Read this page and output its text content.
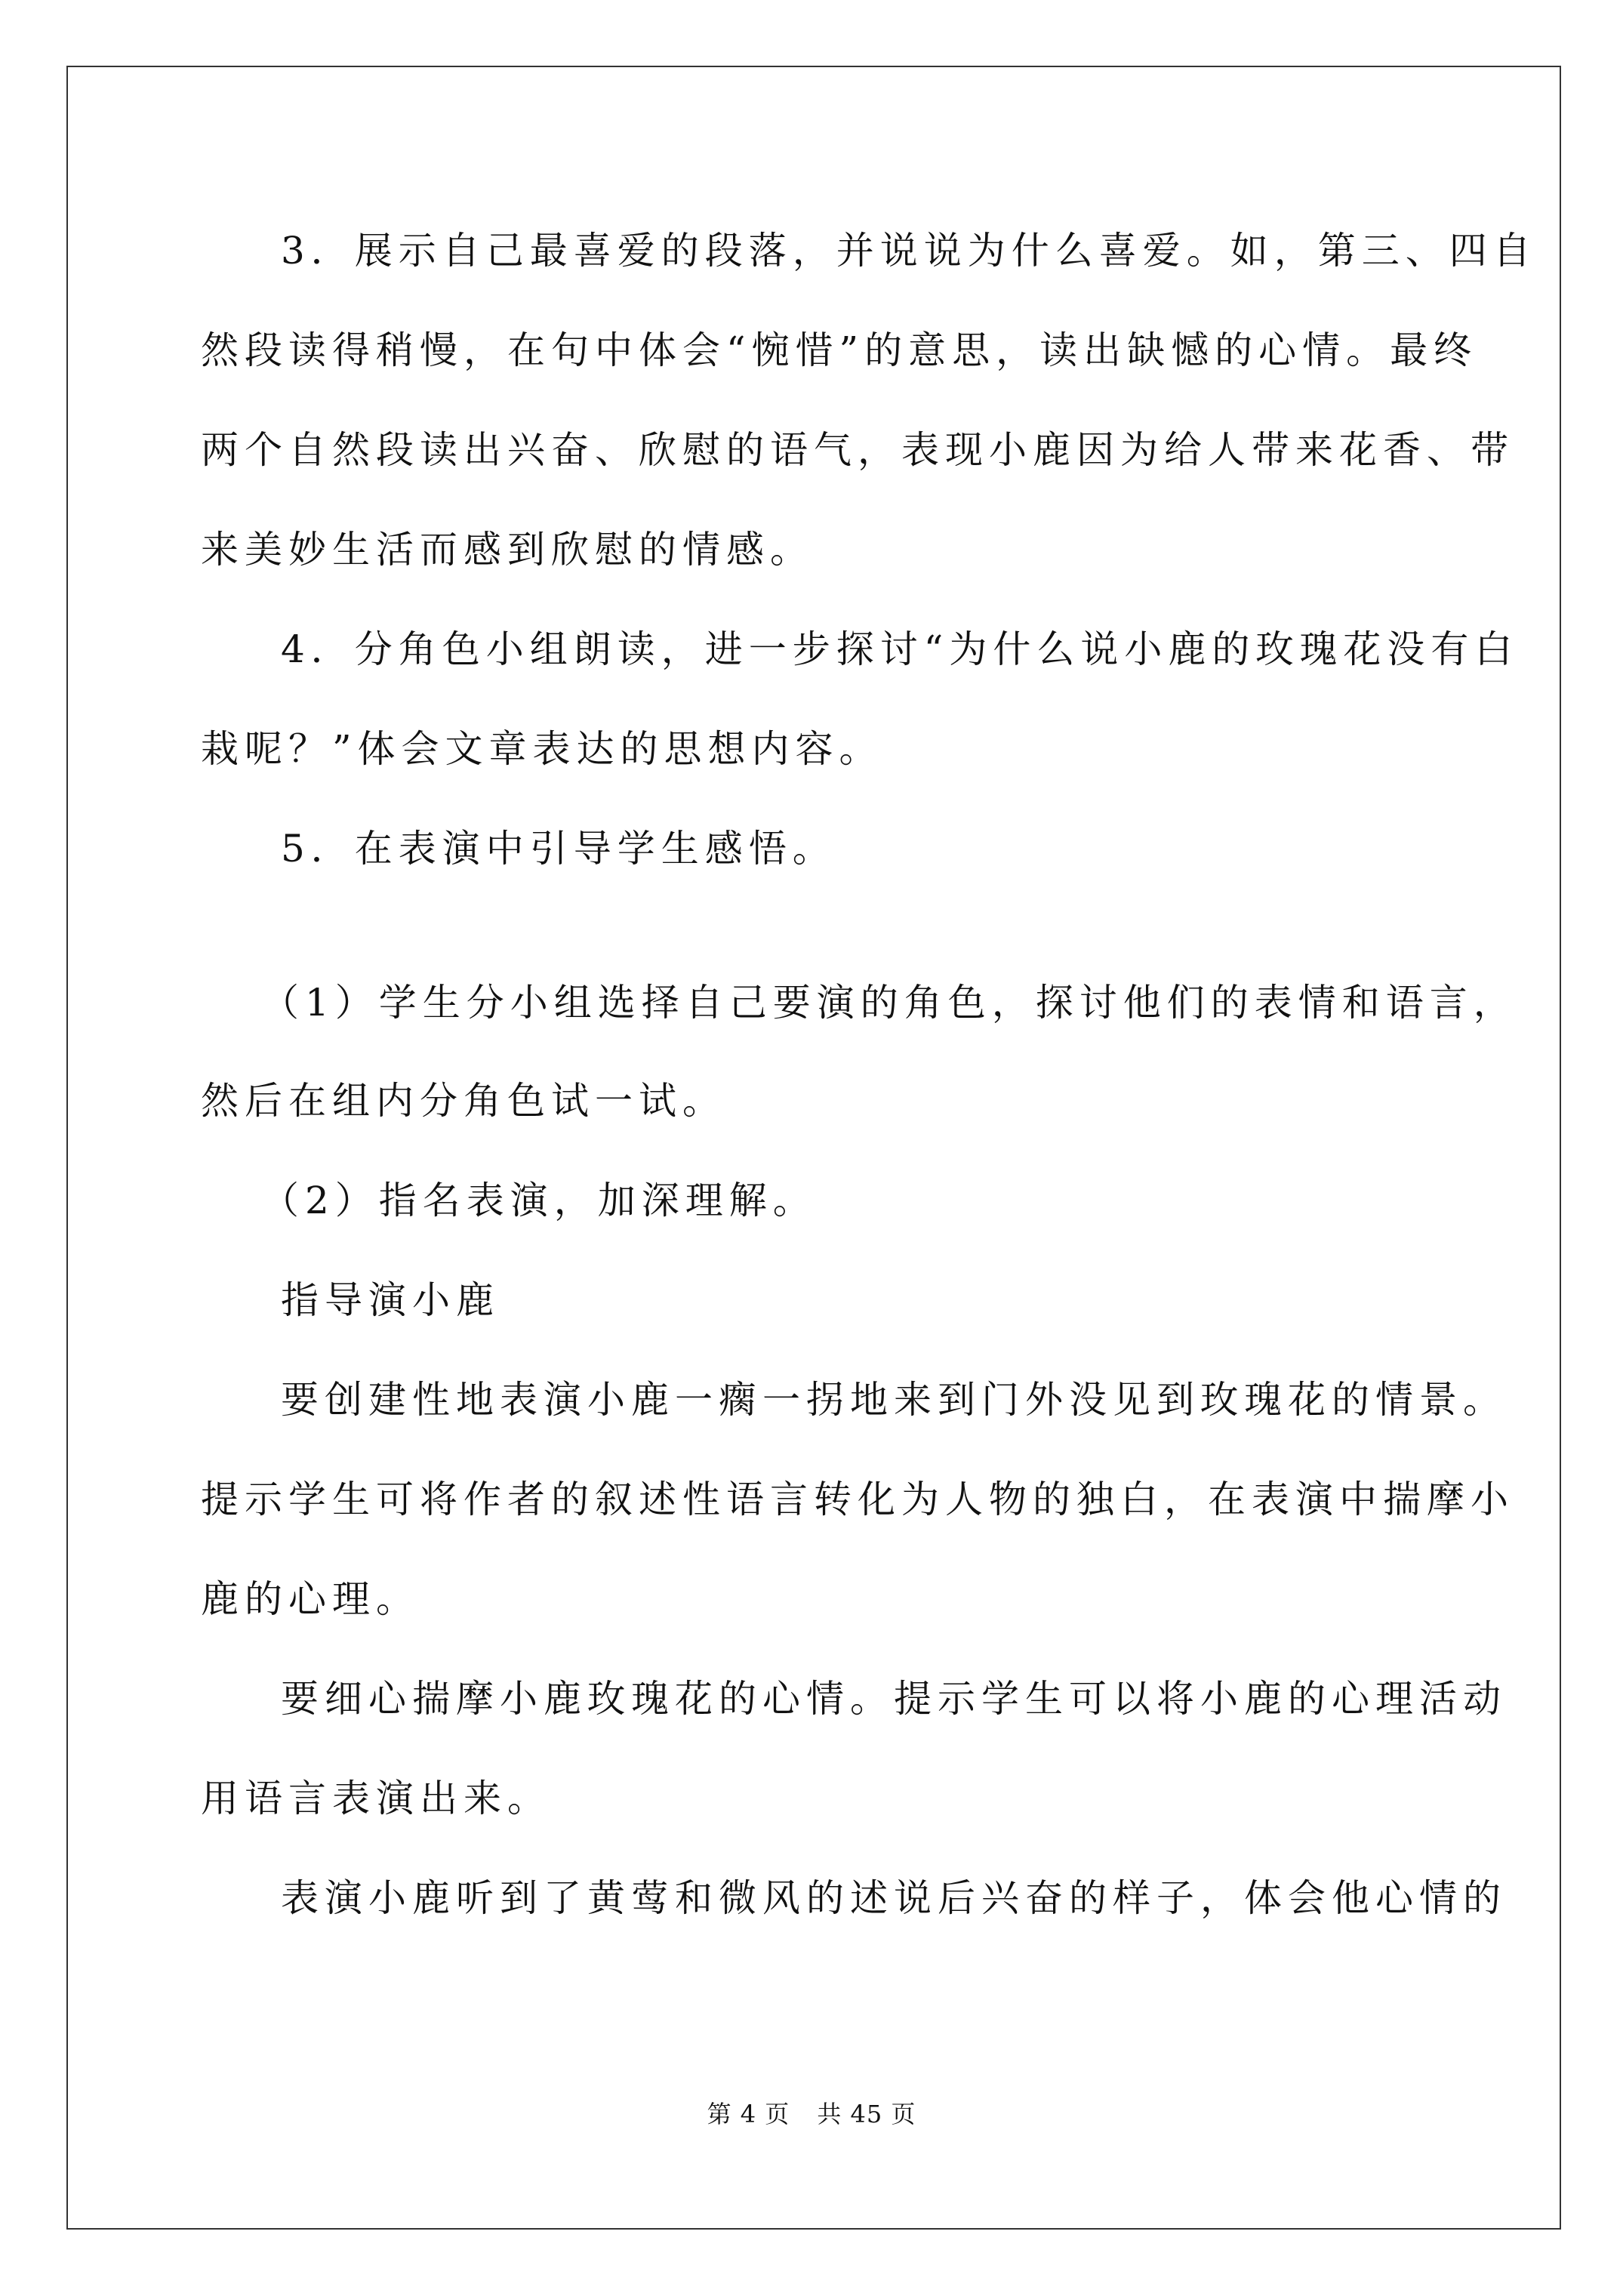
3．展示自己最喜爱的段落，并说说为什么喜爱。如，第三、四自
然段读得稍慢，在句中体会“惋惜”的意思，读出缺憾的心情。最终
两个自然段读出兴奋、欣慰的语气，表现小鹿因为给人带来花香、带
来美妙生活而感到欣慰的情感。
4．分角色小组朗读，进一步探讨“为什么说小鹿的玫瑰花没有白
栽呢？”体会文章表达的思想内容。
5．在表演中引导学生感悟。
（1）学生分小组选择自己要演的角色，探讨他们的表情和语言，
然后在组内分角色试一试。
（2）指名表演，加深理解。
指导演小鹿
要创建性地表演小鹿一瘸一拐地来到门外没见到玫瑰花的情景。
提示学生可将作者的叙述性语言转化为人物的独白，在表演中揣摩小
鹿的心理。
要细心揣摩小鹿玫瑰花的心情。提示学生可以将小鹿的心理活动
用语言表演出来。
表演小鹿听到了黄莺和微风的述说后兴奋的样子，体会他心情的
第 4 页 共 45 页
